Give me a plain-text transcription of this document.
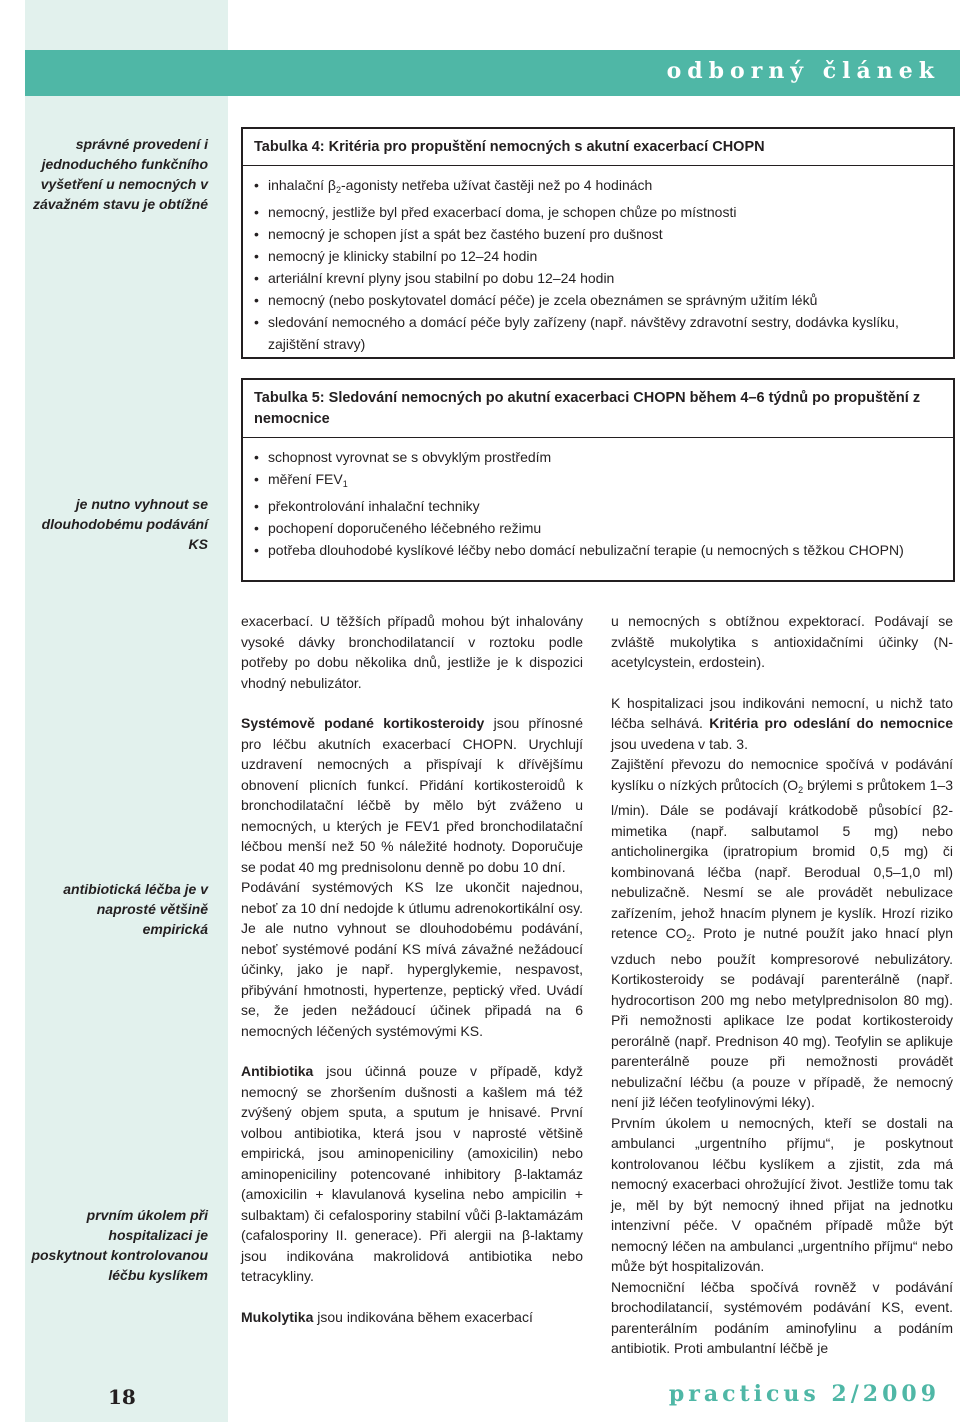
odborný článek
správné provedení i jednoduchého funkčního vyšetření u nemocných v závažném stavu je obtížné
je nutno vyhnout se dlouhodobému podávání KS
antibiotická léčba je v naprosté většině empirická
prvním úkolem při hospitalizaci je poskytnout kontrolovanou léčbu kyslíkem

Tabulka 4: Kritéria pro propuštění nemocných s akutní exacerbací CHOPN

• inhalační $\beta_2$-agonisty netřeba užívat častěji než po 4 hodinách
• nemocný, jestliže byl před exacerbací doma, je schopen chůze po místnosti
• nemocný je schopen jíst a spát bez častého buzení pro dušnost
• nemocný je klinicky stabilní po 12–24 hodin
• arteriální krevní plyny jsou stabilní po dobu 12–24 hodin
• nemocný (nebo poskytovatel domácí péče) je zcela obeznámen se správným užitím léků
• sledování nemocného a domácí péče byly zařízeny (např. návštěvy zdravotní sestry, dodávka kyslíku, zajištění stravy)

Tabulka 5: Sledování nemocných po akutní exacerbaci CHOPN během 4–6 týdnů po propuštění z nemocnice

• schopnost vyrovnat se s obvyklým prostředím
• měření $FEV_1$
• překontrolování inhalační techniky
• pochopení doporučeného léčebného režimu
• potřeba dlouhodobé kyslíkové léčby nebo domácí nebulizační terapie (u nemocných s těžkou CHOPN)

exacerbací. U těžších případů mohou být inhalovány vysoké dávky bronchodilatancií v roztoku podle potřeby po dobu několika dnů, jestliže je k dispozici vhodný nebulizátor.

Systémově podané kortikosteroidy jsou přínosné pro léčbu akutních exacerbací CHOPN. Urychlují uzdravení nemocných a přispívají k dřívějšímu obnovení plicních funkcí. Přidání kortikosteroidů k bronchodilatační léčbě by mělo být zváženo u nemocných, u kterých je FEV1 před bronchodilatační léčbou menší než 50 % náležité hodnoty. Doporučuje se podat 40 mg prednisolonu denně po dobu 10 dní.

Podávání systémových KS lze ukončit najednou, neboť za 10 dní nedojde k útlumu adrenokortikální osy. Je ale nutno vyhnout se dlouhodobému podávání, neboť systémové podání KS mívá závažné nežádoucí účinky, jako je např. hyperglykemie, nespavost, přibývání hmotnosti, hypertenze, peptický vřed. Uvádí se, že jeden nežádoucí účinek připadá na 6 nemocných léčených systémovými KS.

Antibiotika jsou účinná pouze v případě, když nemocný se zhoršením dušnosti a kašlem má též zvýšený objem sputa, a sputum je hnisavé. První volbou antibiotika, která jsou v naprosté většině empirická, jsou aminopeniciliny (amoxicilin) nebo aminopeniciliny potencované inhibitory β-laktamáz (amoxicilin + klavulanová kyselina nebo ampicilin + sulbaktam) či cefalosporiny stabilní vůči β-laktamázám (cafalosporiny II. generace). Při alergii na β-laktamy jsou indikována makrolidová antibiotika nebo tetracykliny.

Mukolytika jsou indikována během exacerbací

u nemocných s obtížnou expektorací. Podávají se zvláště mukolytika s antioxidačními účinky (N-acetylcystein, erdostein).

K hospitalizaci jsou indikováni nemocní, u nichž tato léčba selhává. Kritéria pro odeslání do nemocnice jsou uvedena v tab. 3.

Zajištění převozu do nemocnice spočívá v podávání kyslíku o nízkých průtocích ($O_2$ brýlemi s průtokem 1–3 l/min). Dále se podávají krátkodobě působící β2-mimetika (např. salbutamol 5 mg) nebo anticholinergika (ipratropium bromid 0,5 mg) či kombinovaná léčba (např. Berodual 0,5–1,0 ml) nebulizačně. Nesmí se ale provádět nebulizace zařízením, jehož hnacím plynem je kyslík. Hrozí riziko retence $CO_2$. Proto je nutné použít jako hnací plyn vzduch nebo použít kompresorové nebulizátory. Kortikosteroidy se podávají parenterálně (např. hydrocortison 200 mg nebo metylprednisolon 80 mg). Při nemožnosti aplikace lze podat kortikosteroidy perorálně (např. Prednison 40 mg). Teofylin se aplikuje parenterálně pouze při nemožnosti provádět nebulizační léčbu (a pouze v případě, že nemocný není již léčen teofylinovými léky).

Prvním úkolem u nemocných, kteří se dostali na ambulanci „urgentního příjmu“, je poskytnout kontrolovanou léčbu kyslíkem a zjistit, zda má nemocný exacerbaci ohrožující život. Jestliže tomu tak je, měl by být nemocný ihned přijat na jednotku intenzivní péče. V opačném případě může být nemocný léčen na ambulanci „urgentního příjmu“ nebo může být hospitalizován.

Nemocniční léčba spočívá rovněž v podávání brochodilatancií, systémovém podávání KS, event. parenterálním podáním aminofylinu a podáním antibiotik. Proti ambulantní léčbě je

18	practicus 2/2009
